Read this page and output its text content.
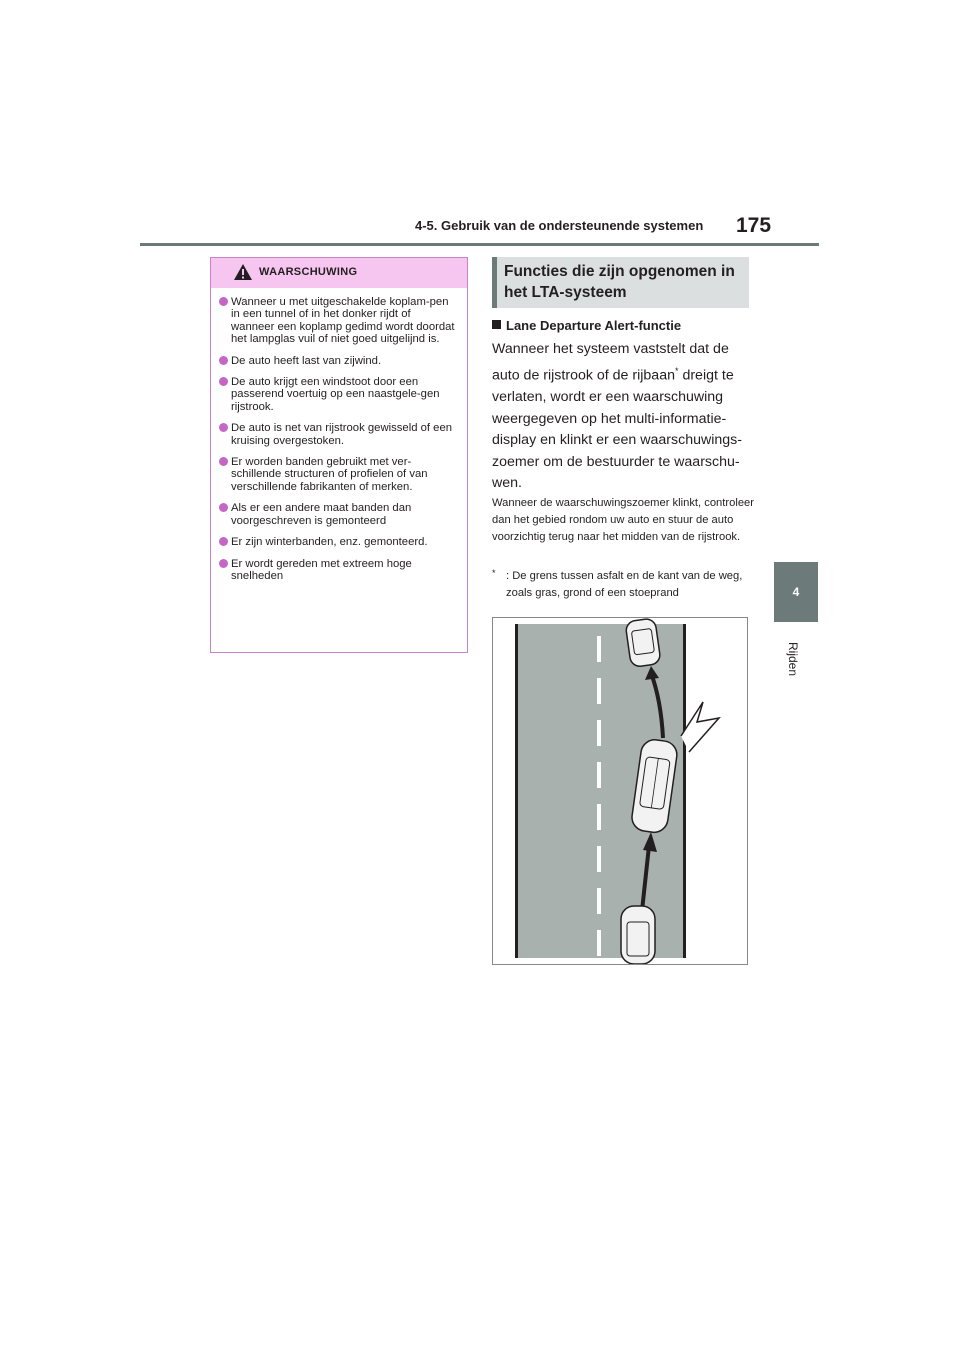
4-5. Gebruik van de ondersteunende systemen 175
4
Rijden
WAARSCHUWING
Wanneer u met uitgeschakelde koplam-pen in een tunnel of in het donker rijdt of wanneer een koplamp gedimd wordt doordat het lampglas vuil of niet goed uitgelijnd is.
De auto heeft last van zijwind.
De auto krijgt een windstoot door een passerend voertuig op een naastgele-gen rijstrook.
De auto is net van rijstrook gewisseld of een kruising overgestoken.
Er worden banden gebruikt met ver-schillende structuren of profielen of van verschillende fabrikanten of merken.
Als er een andere maat banden dan voorgeschreven is gemonteerd
Er zijn winterbanden, enz. gemonteerd.
Er wordt gereden met extreem hoge snelheden
Functies die zijn opgenomen in het LTA-systeem
Lane Departure Alert-functie
Wanneer het systeem vaststelt dat de auto de rijstrook of de rijbaan* dreigt te verlaten, wordt er een waarschuwing weergegeven op het multi-informatie-display en klinkt er een waarschuwings-zoemer om de bestuurder te waarschu-wen.
Wanneer de waarschuwingszoemer klinkt, controleer dan het gebied rondom uw auto en stuur de auto voorzichtig terug naar het midden van de rijstrook.
* : De grens tussen asfalt en de kant van de weg, zoals gras, grond of een stoeprand
